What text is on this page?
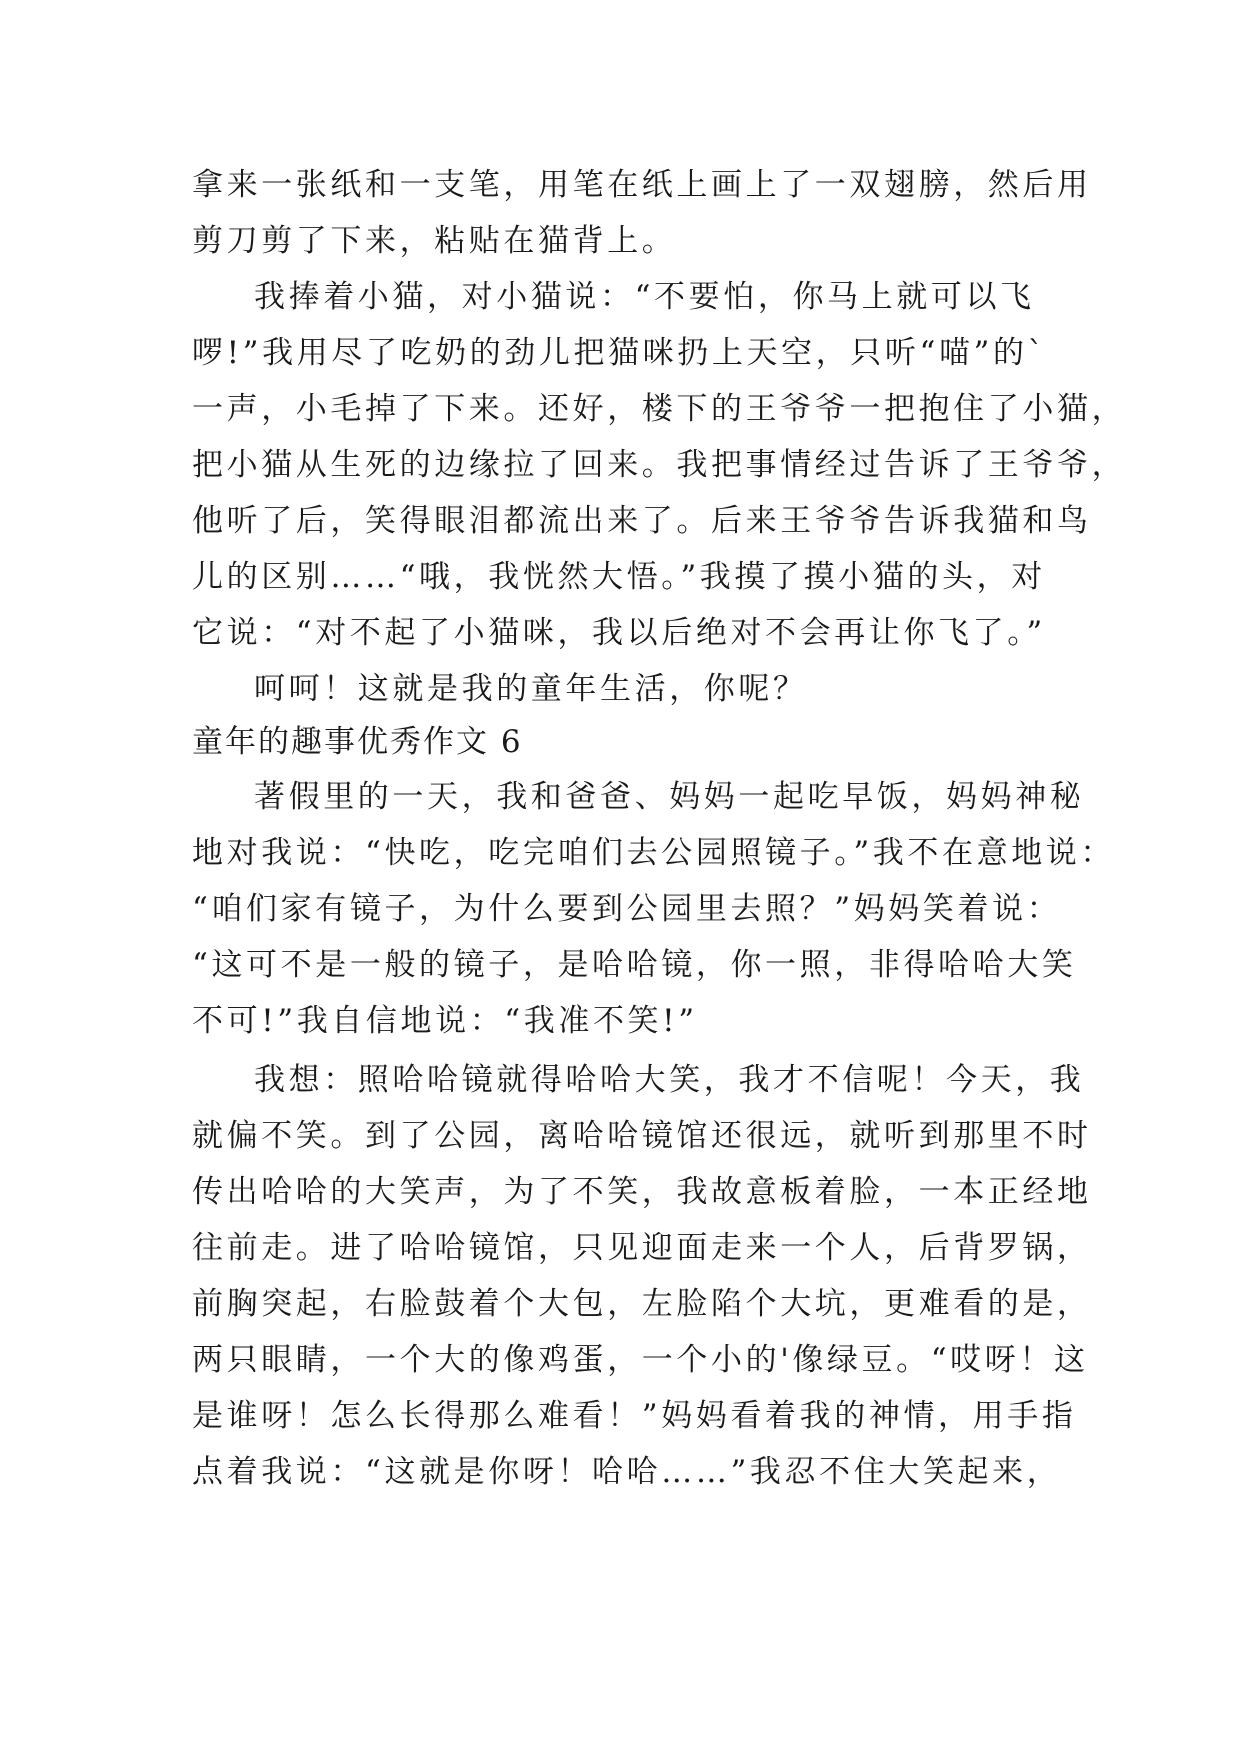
拿来一张纸和一支笔，用笔在纸上画上了一双翅膀，然后用
剪刀剪了下来，粘贴在猫背上。
我捧着小猫，对小猫说：“不要怕，你马上就可以飞
啰!”我用尽了吃奶的劲儿把猫咪扔上天空，只听“喵”的`
一声，小毛掉了下来。还好，楼下的王爷爷一把抱住了小猫，
把小猫从生死的边缘拉了回来。我把事情经过告诉了王爷爷，
他听了后，笑得眼泪都流出来了。后来王爷爷告诉我猫和鸟
儿的区别……“哦，我恍然大悟。”我摸了摸小猫的头，对
它说：“对不起了小猫咪，我以后绝对不会再让你飞了。”
呵呵！这就是我的童年生活，你呢？
童年的趣事优秀作文 6
著假里的一天，我和爸爸、妈妈一起吃早饭，妈妈神秘
地对我说：“快吃，吃完咱们去公园照镜子。”我不在意地说：
“咱们家有镜子，为什么要到公园里去照？”妈妈笑着说：
“这可不是一般的镜子，是哈哈镜，你一照，非得哈哈大笑
不可!”我自信地说：“我准不笑!”
我想：照哈哈镜就得哈哈大笑，我才不信呢！今天，我
就偏不笑。到了公园，离哈哈镜馆还很远，就听到那里不时
传出哈哈的大笑声，为了不笑，我故意板着脸，一本正经地
往前走。进了哈哈镜馆，只见迎面走来一个人，后背罗锅，
前胸突起，右脸鼓着个大包，左脸陷个大坑，更难看的是，
两只眼睛，一个大的像鸡蛋，一个小的'像绿豆。“哎呀！这
是谁呀！怎么长得那么难看！”妈妈看着我的神情，用手指
点着我说：“这就是你呀！哈哈……”我忍不住大笑起来，
